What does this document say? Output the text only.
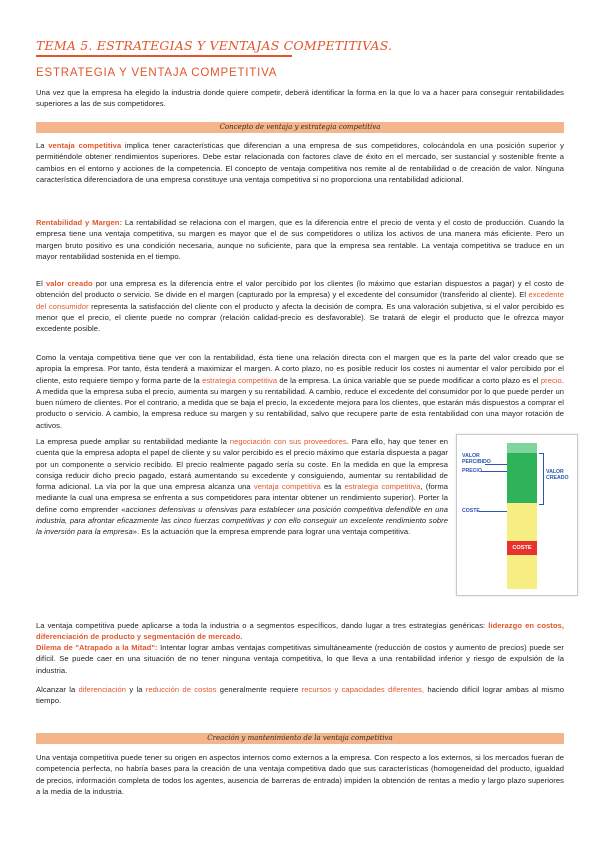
TEMA 5. ESTRATEGIAS Y VENTAJAS COMPETITIVAS.
ESTRATEGIA Y VENTAJA COMPETITIVA
Una vez que la empresa ha elegido la industria donde quiere competir, deberá identificar la forma en la que lo va a hacer para conseguir rentabilidades superiores a las de sus competidores.
Concepto de ventaja y estrategia competitiva
La ventaja competitiva implica tener características que diferencian a una empresa de sus competidores, colocándola en una posición superior y permitiéndole obtener rendimientos superiores. Debe estar relacionada con factores clave de éxito en el mercado, ser sustancial y sostenible frente a cambios en el entorno y acciones de la competencia. El concepto de ventaja competitiva nos remite al de rentabilidad o de creación de valor. Ninguna característica diferenciadora de una empresa constituye una ventaja competitiva si no proporciona una rentabilidad adicional.
Rentabilidad y Margen: La rentabilidad se relaciona con el margen, que es la diferencia entre el precio de venta y el costo de producción. Cuando la empresa tiene una ventaja competitiva, su margen es mayor que el de sus competidores o utiliza los activos de una manera más eficiente. Pero un margen bruto positivo es una condición necesaria, aunque no suficiente, para que la empresa sea rentable. La ventaja competitiva se traduce en un mayor rentabilidad sostenida en el tiempo.
El valor creado por una empresa es la diferencia entre el valor percibido por los clientes (lo máximo que estarían dispuestos a pagar) y el costo de obtención del producto o servicio. Se divide en el margen (capturado por la empresa) y el excedente del consumidor (transferido al cliente). El excedente del consumidor representa la satisfacción del cliente con el producto y afecta la decisión de compra. Es una valoración subjetiva, si el valor percibido es menor que el precio, el cliente puede no comprar (relación calidad-precio es desfavorable). Se tratará de elegir el producto que le ofrezca mayor excedente posible.
Como la ventaja competitiva tiene que ver con la rentabilidad, ésta tiene una relación directa con el margen que es la parte del valor creado que se apropia la empresa. Por tanto, ésta tenderá a maximizar el margen. A corto plazo, no es posible reducir los costes ni aumentar el valor percibido por el cliente, esto requiere tiempo y forma parte de la estrategia competitiva de la empresa. La única variable que se puede modificar a corto plazo es el precio. A medida que la empresa suba el precio, aumenta su margen y su rentabilidad. A cambio, reduce el excedente del consumidor por lo que puede perder un buen número de clientes. Por el contrario, a medida que se baja el precio, la excedente mejora para los clientes, que estarán más dispuestos a comprar el producto o servicio. A cambio, la empresa reduce su margen y su rentabilidad, salvo que recupere parte de esta rentabilidad con una mayor rotación de activos.
La empresa puede ampliar su rentabilidad mediante la negociación con sus proveedores. Para ello, hay que tener en cuenta que la empresa adopta el papel de cliente y su valor percibido es el precio máximo que estaría dispuesta a pagar por un componente o servicio recibido. El precio realmente pagado sería su coste. En la medida en que la empresa consiga reducir dicho precio pagado, estará aumentando su excedente y consiguiendo, aumentar su rentabilidad de forma adicional. La vía por la que una empresa alcanza una ventaja competitiva es la estrategia competitiva, (forma mediante la cual una empresa se enfrenta a sus competidores para intentar obtener un rendimiento superior). Porter la define como emprender «acciones defensivas u ofensivas para establecer una posición competitiva defendible en una industria, para afrontar eficazmente las cinco fuerzas competitivas y con ello conseguir un excelente rendimiento sobre la inversión para la empresa». Es la actuación que la empresa emprende para lograr una ventaja competitiva.
COSTE
VALOR PERCIBIDO
PRECIO
COSTE
VALOR CREADO
La ventaja competitiva puede aplicarse a toda la industria o a segmentos específicos, dando lugar a tres estrategias genéricas: liderazgo en costos, diferenciación de producto y segmentación de mercado.
Dilema de "Atrapado a la Mitad": Intentar lograr ambas ventajas competitivas simultáneamente (reducción de costos y aumento de precios) puede ser difícil. Se puede caer en una situación de no tener ninguna ventaja competitiva, lo que lleva a una rentabilidad inferior y riesgo de expulsión de la industria.
Alcanzar la diferenciación y la reducción de costos generalmente requiere recursos y capacidades diferentes, haciendo difícil lograr ambas al mismo tiempo.
Creación y mantenimiento de la ventaja competitiva
Una ventaja competitiva puede tener su origen en aspectos internos como externos a la empresa. Con respecto a los externos, si los mercados fueran de competencia perfecta, no habría bases para la creación de una ventaja competitiva dado que sus características (homogeneidad del producto, igualdad de precios, información completa de todos los agentes, ausencia de barreras de entrada) impiden la obtención de rentas a medio y largo plazo superiores a la media de la industria.
